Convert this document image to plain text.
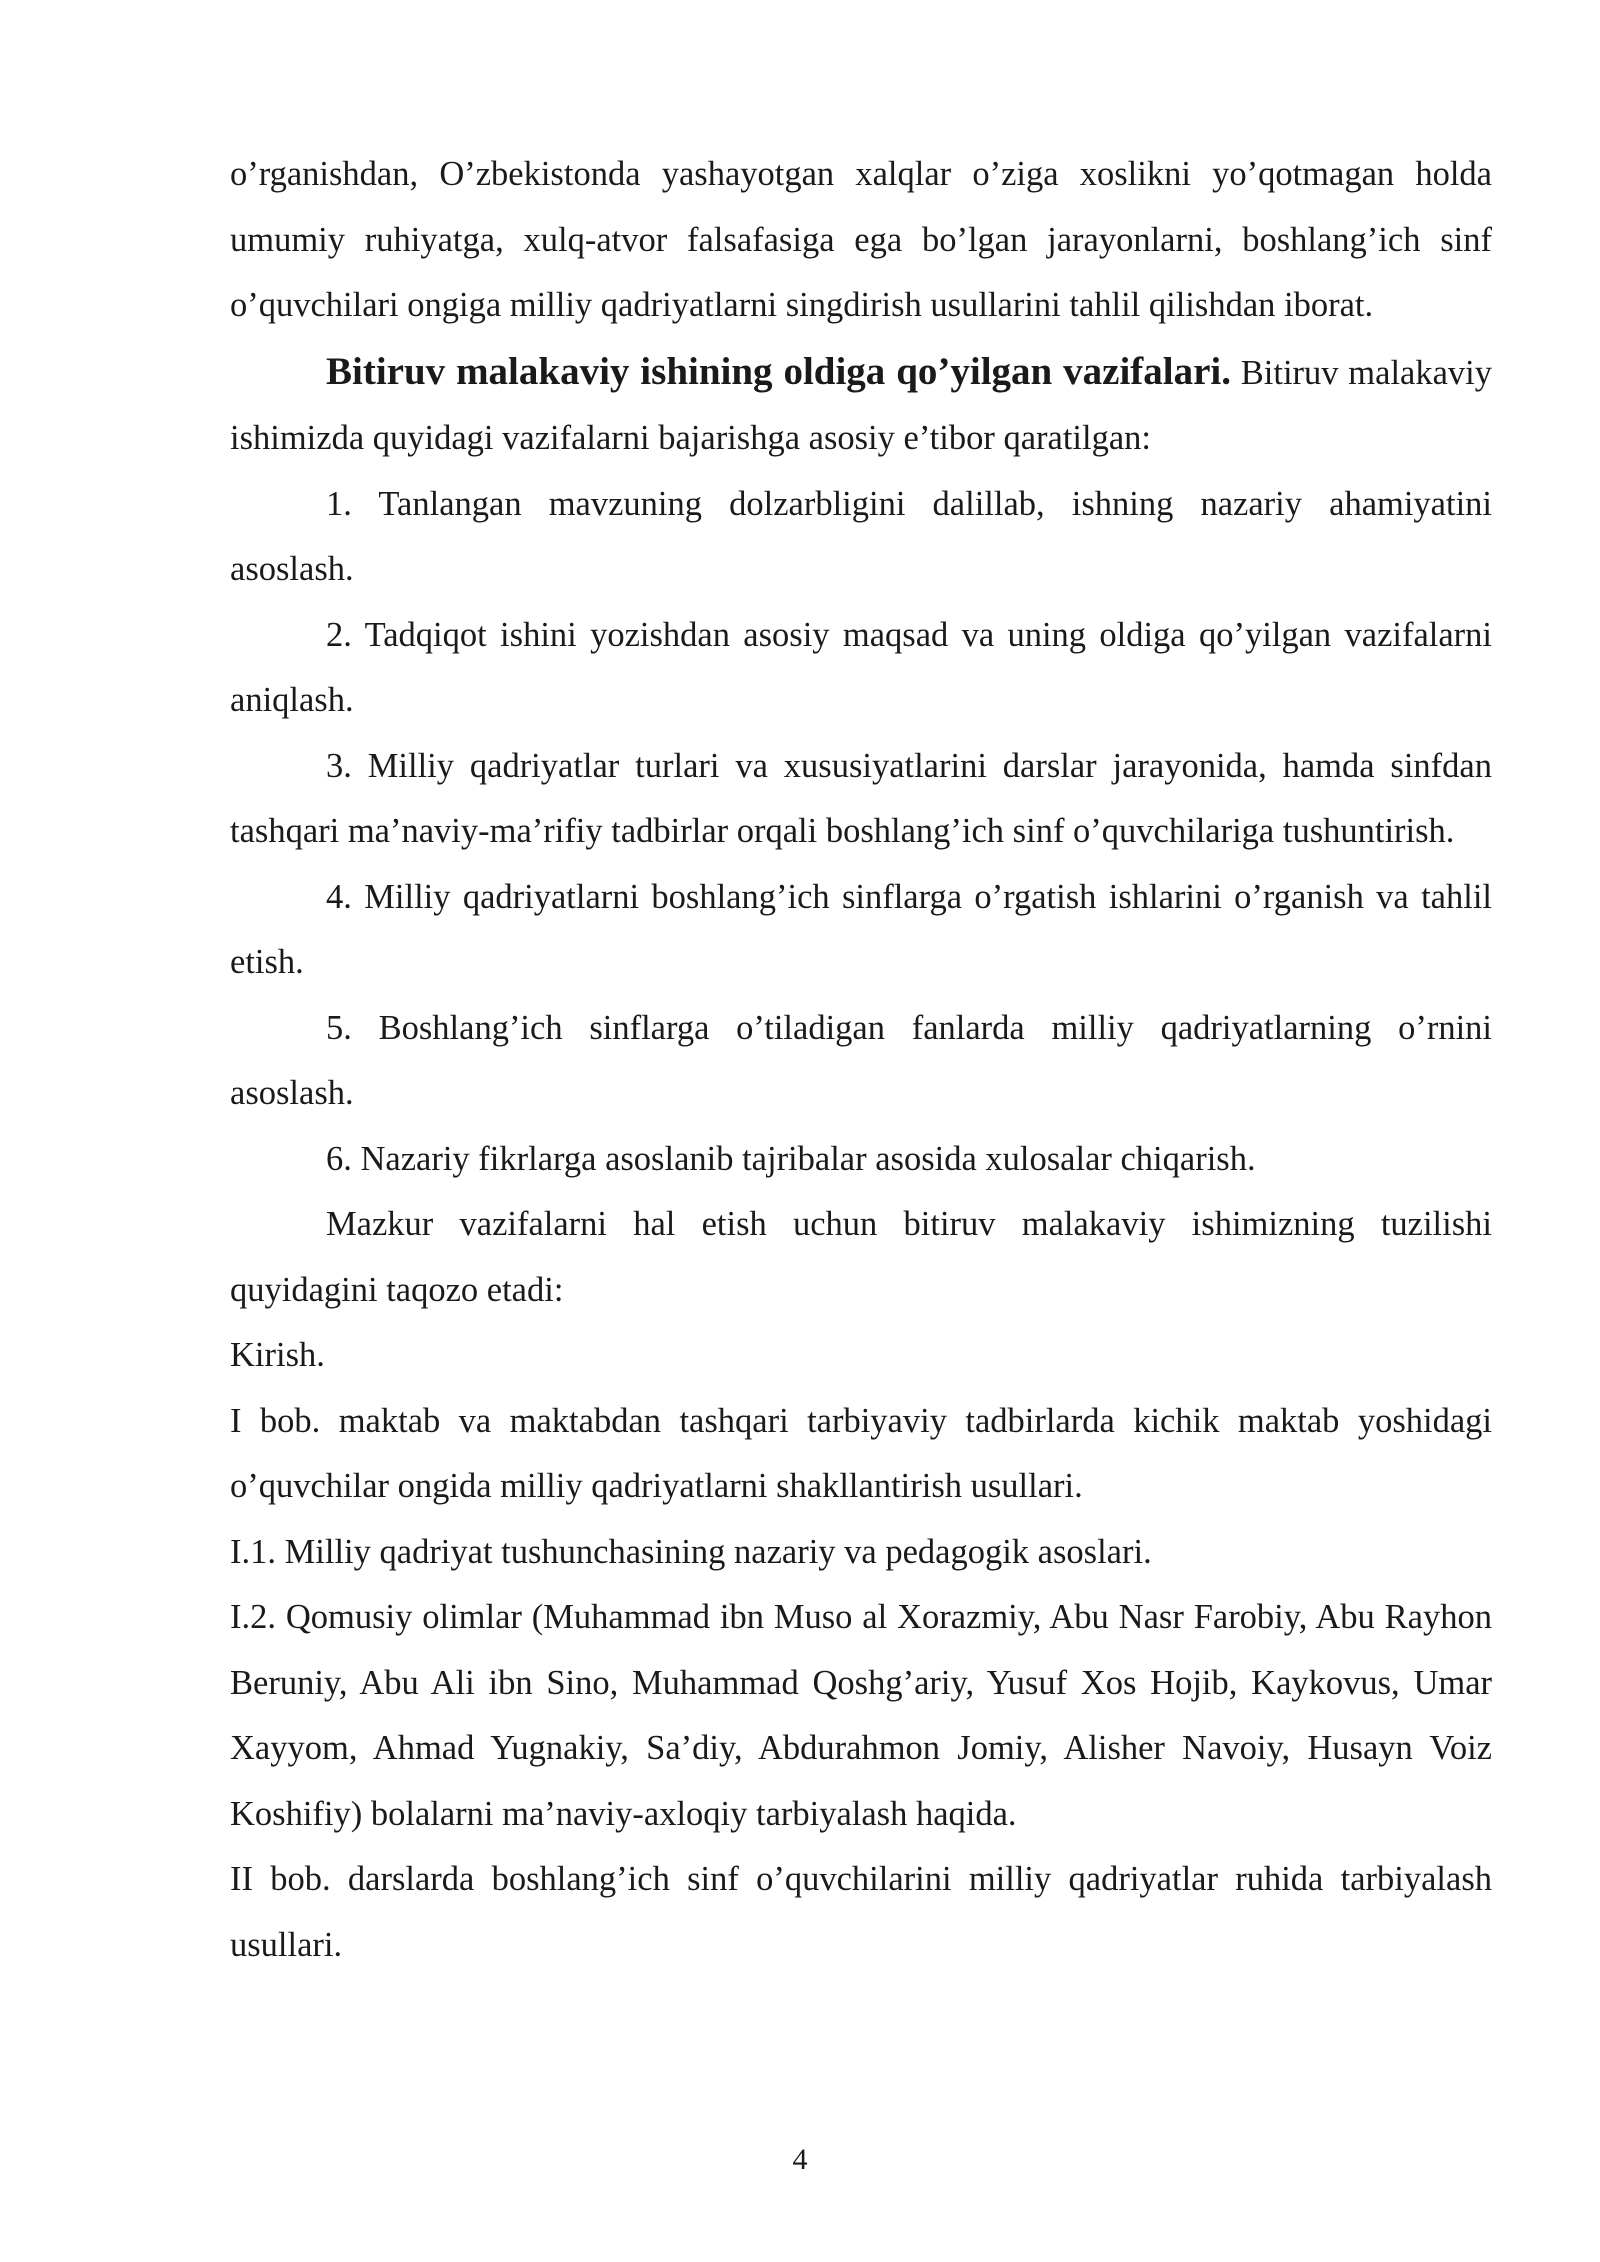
o’rganishdan, O’zbekistonda yashayotgan xalqlar o’ziga xoslikni yo’qotmagan holda umumiy ruhiyatga, xulq-atvor falsafasiga ega bo’lgan jarayonlarni, boshlang’ich sinf o’quvchilari ongiga milliy qadriyatlarni singdirish usullarini tahlil qilishdan iborat.

Bitiruv malakaviy ishining oldiga qo’yilgan vazifalari. Bitiruv malakaviy ishimizda quyidagi vazifalarni bajarishga asosiy e’tibor qaratilgan:

1. Tanlangan mavzuning dolzarbligini dalillab, ishning nazariy ahamiyatini asoslash.

2. Tadqiqot ishini yozishdan asosiy maqsad va uning oldiga qo’yilgan vazifalarni aniqlash.

3. Milliy qadriyatlar turlari va xususiyatlarini darslar jarayonida, hamda sinfdan tashqari ma’naviy-ma’rifiy tadbirlar orqali boshlang’ich sinf o’quvchilariga tushuntirish.

4. Milliy qadriyatlarni boshlang’ich sinflarga o’rgatish ishlarini o’rganish va tahlil etish.

5. Boshlang’ich sinflarga o’tiladigan fanlarda milliy qadriyatlarning o’rnini asoslash.

6. Nazariy fikrlarga asoslanib tajribalar asosida xulosalar chiqarish.

Mazkur vazifalarni hal etish uchun bitiruv malakaviy ishimizning tuzilishi quyidagini taqozo etadi:

Kirish.

I bob. maktab va maktabdan tashqari tarbiyaviy tadbirlarda kichik maktab yoshidagi o’quvchilar ongida milliy qadriyatlarni shakllantirish usullari.

I.1. Milliy qadriyat tushunchasining nazariy va pedagogik asoslari.

I.2. Qomusiy olimlar (Muhammad ibn Muso al Xorazmiy, Abu Nasr Farobiy, Abu Rayhon Beruniy, Abu Ali ibn Sino, Muhammad Qoshg’ariy, Yusuf Xos Hojib, Kaykovus, Umar Xayyom, Ahmad Yugnakiy, Sa’diy, Abdurahmon Jomiy, Alisher Navoiy, Husayn Voiz Koshifiy) bolalarni ma’naviy-axloqiy tarbiyalash haqida.

II bob. darslarda boshlang’ich sinf o’quvchilarini milliy qadriyatlar ruhida tarbiyalash usullari.

4
